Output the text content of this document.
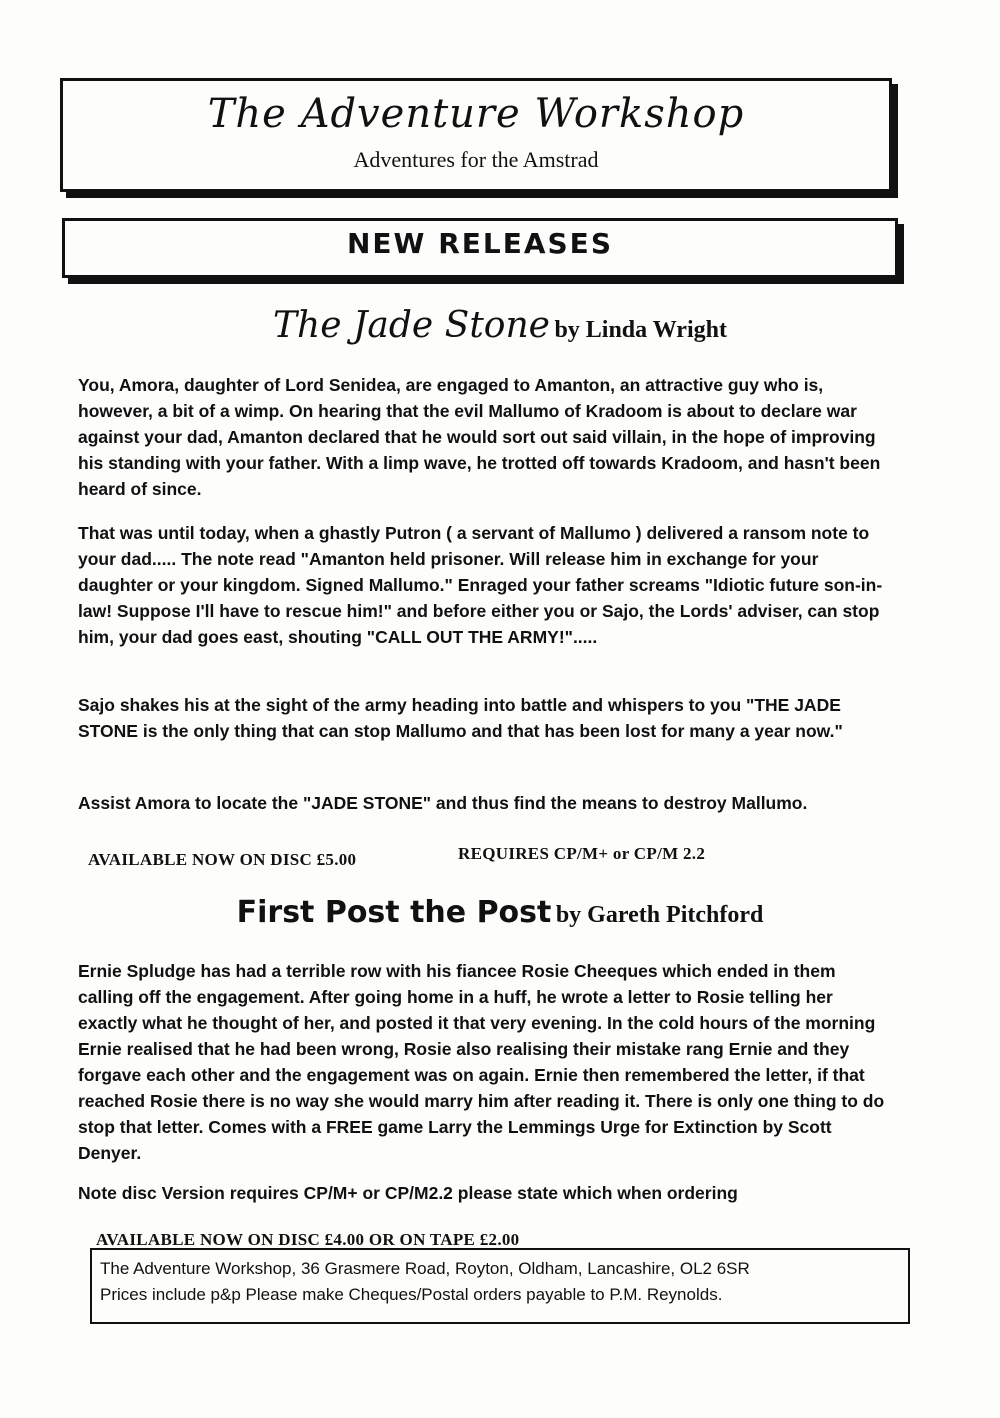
The Adventure Workshop
Adventures for the Amstrad
NEW RELEASES
The Jade Stone by Linda Wright
You, Amora, daughter of Lord Senidea, are engaged to Amanton, an attractive guy who is, however, a bit of a wimp. On hearing that the evil Mallumo of Kradoom is about to declare war against your dad, Amanton declared that he would sort out said villain, in the hope of improving his standing with your father. With a limp wave, he trotted off towards Kradoom, and hasn't been heard of since.
That was until today, when a ghastly Putron ( a servant of Mallumo ) delivered a ransom note to your dad..... The note read "Amanton held prisoner. Will release him in exchange for your daughter or your kingdom. Signed Mallumo." Enraged your father screams "Idiotic future son-in-law! Suppose I'll have to rescue him!" and before either you or Sajo, the Lords' adviser, can stop him, your dad goes east, shouting "CALL OUT THE ARMY!".....
Sajo shakes his at the sight of the army heading into battle and whispers to you "THE JADE STONE is the only thing that can stop Mallumo and that has been lost for many a year now."
Assist Amora to locate the "JADE STONE" and thus find the means to destroy Mallumo.
AVAILABLE NOW ON DISC £5.00	REQUIRES CP/M+ or CP/M 2.2
First Post the Post by Gareth Pitchford
Ernie Spludge has had a terrible row with his fiancee Rosie Cheeques which ended in them calling off the engagement. After going home in a huff, he wrote a letter to Rosie telling her exactly what he thought of her, and posted it that very evening. In the cold hours of the morning Ernie realised that he had been wrong, Rosie also realising their mistake rang Ernie and they forgave each other and the engagement was on again. Ernie then remembered the letter, if that reached Rosie there is no way she would marry him after reading it. There is only one thing to do stop that letter. Comes with a FREE game Larry the Lemmings Urge for Extinction by Scott Denyer.
Note disc Version requires CP/M+ or CP/M2.2 please state which when ordering
AVAILABLE NOW ON DISC £4.00 OR ON TAPE £2.00
The Adventure Workshop, 36 Grasmere Road, Royton, Oldham, Lancashire, OL2 6SR
Prices include p&p Please make Cheques/Postal orders payable to P.M. Reynolds.
